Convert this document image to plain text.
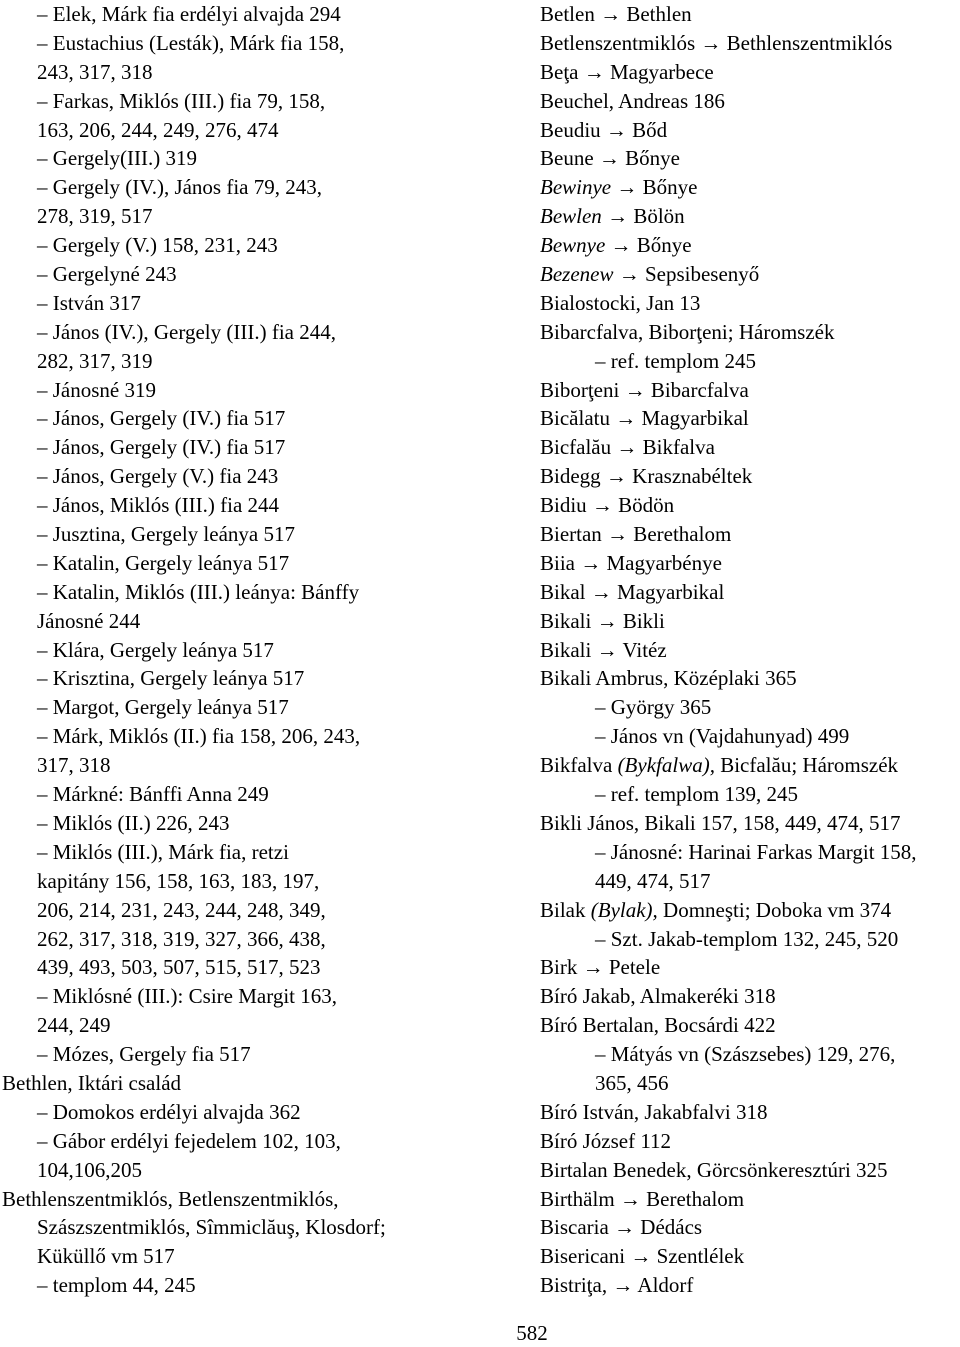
– Elek, Márk fia erdélyi alvajda 294
– Eustachius (Lesták), Márk fia 158,
243, 317, 318
– Farkas, Miklós (III.) fia 79, 158,
163, 206, 244, 249, 276, 474
– Gergely(III.) 319
– Gergely (IV.), János fia 79, 243,
278, 319, 517
– Gergely (V.) 158, 231, 243
– Gergelyné 243
– István 317
– János (IV.), Gergely (III.) fia 244,
282, 317, 319
– Jánosné 319
– János, Gergely (IV.) fia 517
– János, Gergely (IV.) fia 517
– János, Gergely (V.) fia 243
– János, Miklós (III.) fia 244
– Jusztina, Gergely leánya 517
– Katalin, Gergely leánya 517
– Katalin, Miklós (III.) leánya: Bánffy
Jánosné 244
– Klára, Gergely leánya 517
– Krisztina, Gergely leánya 517
– Margot, Gergely leánya 517
– Márk, Miklós (II.) fia 158, 206, 243,
317, 318
– Márkné: Bánffi Anna 249
– Miklós (II.) 226, 243
– Miklós (III.), Márk fia, retzi
kapitány 156, 158, 163, 183, 197,
206, 214, 231, 243, 244, 248, 349,
262, 317, 318, 319, 327, 366, 438,
439, 493, 503, 507, 515, 517, 523
– Miklósné (III.): Csire Margit 163,
244, 249
– Mózes, Gergely fia 517
Bethlen, Iktári család
– Domokos erdélyi alvajda 362
– Gábor erdélyi fejedelem 102, 103,
104,106,205
Bethlenszentmiklós, Betlenszentmiklós,
Szászszentmiklós, Sîmmiclăuş, Klosdorf;
Küküllő vm 517
– templom 44, 245
Betlen → Bethlen
Betlenszentmiklós → Bethlenszentmiklós
Beţa → Magyarbece
Beuchel, Andreas 186
Beudiu → Bőd
Beune → Bőnye
Bewinye → Bőnye
Bewlen → Bölön
Bewnye → Bőnye
Bezenew → Sepsibesenyő
Bialostocki, Jan 13
Bibarcfalva, Biborţeni; Háromszék
– ref. templom 245
Biborţeni → Bibarcfalva
Bicălatu → Magyarbikal
Bicfalău → Bikfalva
Bidegg → Krasznabéltek
Bidiu → Bödön
Biertan → Berethalom
Biia → Magyarbénye
Bikal → Magyarbikal
Bikali → Bikli
Bikali → Vitéz
Bikali Ambrus, Középlaki 365
– György 365
– János vn (Vajdahunyad) 499
Bikfalva (Bykfalwa), Bicfalău; Háromszék
– ref. templom 139, 245
Bikli János, Bikali 157, 158, 449, 474, 517
– Jánosné: Harinai Farkas Margit 158,
449, 474, 517
Bilak (Bylak), Domneşti; Doboka vm 374
– Szt. Jakab-templom 132, 245, 520
Birk → Petele
Bíró Jakab, Almakeréki 318
Bíró Bertalan, Bocsárdi 422
– Mátyás vn (Szászsebes) 129, 276,
365, 456
Bíró István, Jakabfalvi 318
Bíró József 112
Birtalan Benedek, Görcsönkeresztúri 325
Birthälm → Berethalom
Biscaria → Dédács
Bisericani → Szentlélek
Bistriţa, → Aldorf
582
